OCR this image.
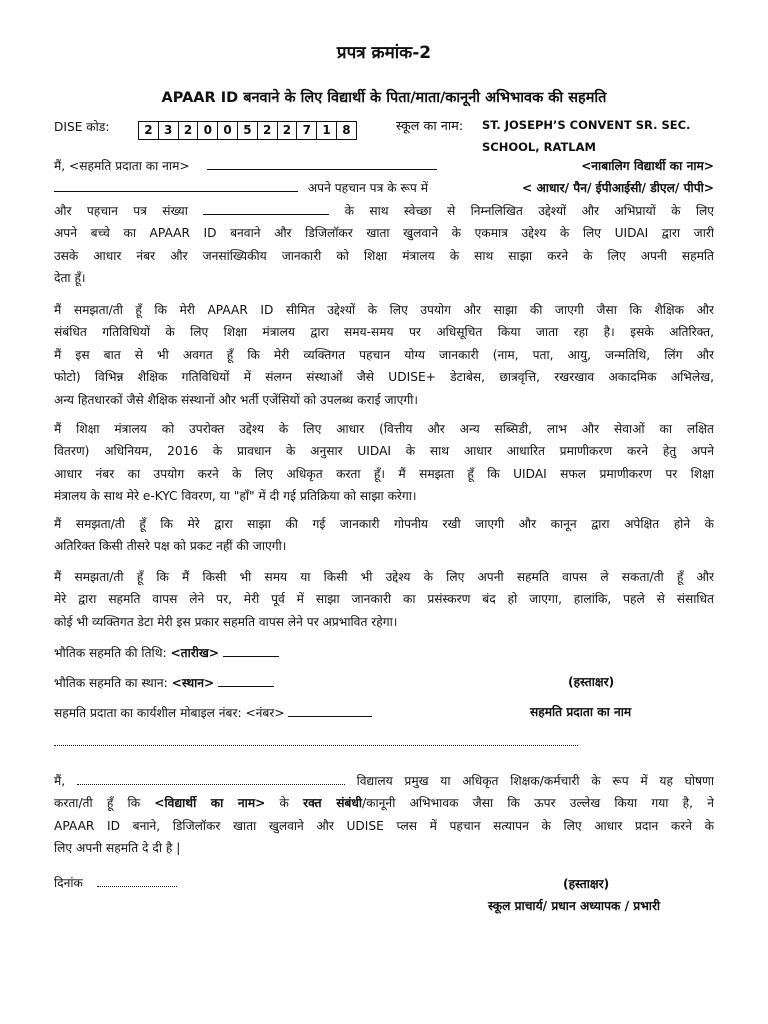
प्रपत्र क्रमांक-2
APAAR ID बनवाने के लिए विद्यार्थी के पिता/माता/कानूनी अभिभावक की सहमति
DISE कोड:	2 3 2 0 0 5 2 2 7 1 8	स्कूल का नाम: ST. JOSEPH’S CONVENT SR. SEC.
SCHOOL, RATLAM
मैं, <सहमति प्रदाता का नाम>	<नाबालिग विद्यार्थी का नाम>
अपने पहचान पत्र के रूप में	< आधार/ पैन/ ईपीआईसी/ डीएल/ पीपी>
और पहचान पत्र संख्या	के साथ स्वेच्छा से निम्नलिखित उद्देश्यों और अभिप्रायों के लिए
अपने बच्चे का APAAR ID बनवाने और डिजिलॉकर खाता खुलवाने के एकमात्र उद्देश्य के लिए UIDAI द्वारा जारी
उसके आधार नंबर और जनसांख्यिकीय जानकारी को शिक्षा मंत्रालय के साथ साझा करने के लिए अपनी सहमति
देता हूँ।
मैं समझता/ती हूँ कि मेरी APAAR ID सीमित उद्देश्यों के लिए उपयोग और साझा की जाएगी जैसा कि शैक्षिक और
संबंधित गतिविधियों के लिए शिक्षा मंत्रालय द्वारा समय-समय पर अधिसूचित किया जाता रहा है। इसके अतिरिक्त,
मैं इस बात से भी अवगत हूँ कि मेरी व्यक्तिगत पहचान योग्य जानकारी (नाम, पता, आयु, जन्मतिथि, लिंग और
फोटो) विभिन्न शैक्षिक गतिविधियों में संलग्न संस्थाओं जैसे UDISE+ डेटाबेस, छात्रवृत्ति, रखरखाव अकादमिक अभिलेख,
अन्य हितधारकों जैसे शैक्षिक संस्थानों और भर्ती एजेंसियों को उपलब्ध कराई जाएगी।
मैं शिक्षा मंत्रालय को उपरोक्त उद्देश्य के लिए आधार (वित्तीय और अन्य सब्सिडी, लाभ और सेवाओं का लक्षित
वितरण) अधिनियम, 2016 के प्रावधान के अनुसार UIDAI के साथ आधार आधारित प्रमाणीकरण करने हेतु अपने
आधार नंबर का उपयोग करने के लिए अधिकृत करता हूँ। मैं समझता हूँ कि UIDAI सफल प्रमाणीकरण पर शिक्षा
मंत्रालय के साथ मेरे e-KYC विवरण, या "हाँ" में दी गई प्रतिक्रिया को साझा करेगा।
मैं समझता/ती हूँ कि मेरे द्वारा साझा की गई जानकारी गोपनीय रखी जाएगी और कानून द्वारा अपेक्षित होने के
अतिरिक्त किसी तीसरे पक्ष को प्रकट नहीं की जाएगी।
मैं समझता/ती हूँ कि मैं किसी भी समय या किसी भी उद्देश्य के लिए अपनी सहमति वापस ले सकता/ती हूँ और
मेरे द्वारा सहमति वापस लेने पर, मेरी पूर्व में साझा जानकारी का प्रसंस्करण बंद हो जाएगा, हालांकि, पहले से संसाधित
कोई भी व्यक्तिगत डेटा मेरी इस प्रकार सहमति वापस लेने पर अप्रभावित रहेगा।
भौतिक सहमति की तिथि: <तारीख>
भौतिक सहमति का स्थान: <स्थान>	(हस्ताक्षर)
सहमति प्रदाता का कार्यशील मोबाइल नंबर: <नंबर>	सहमति प्रदाता का नाम
मैं,	विद्यालय प्रमुख या अधिकृत शिक्षक/कर्मचारी के रूप में यह घोषणा
करता/ती हूँ कि <विद्यार्थी का नाम> के रक्त संबंधी/कानूनी अभिभावक जैसा कि ऊपर उल्लेख किया गया है, ने
APAAR ID बनाने, डिजिलॉकर खाता खुलवाने और UDISE प्लस में पहचान सत्यापन के लिए आधार प्रदान करने के
लिए अपनी सहमति दे दी है |
दिनांक	(हस्ताक्षर)
स्कूल प्राचार्य/ प्रधान अध्यापक / प्रभारी
